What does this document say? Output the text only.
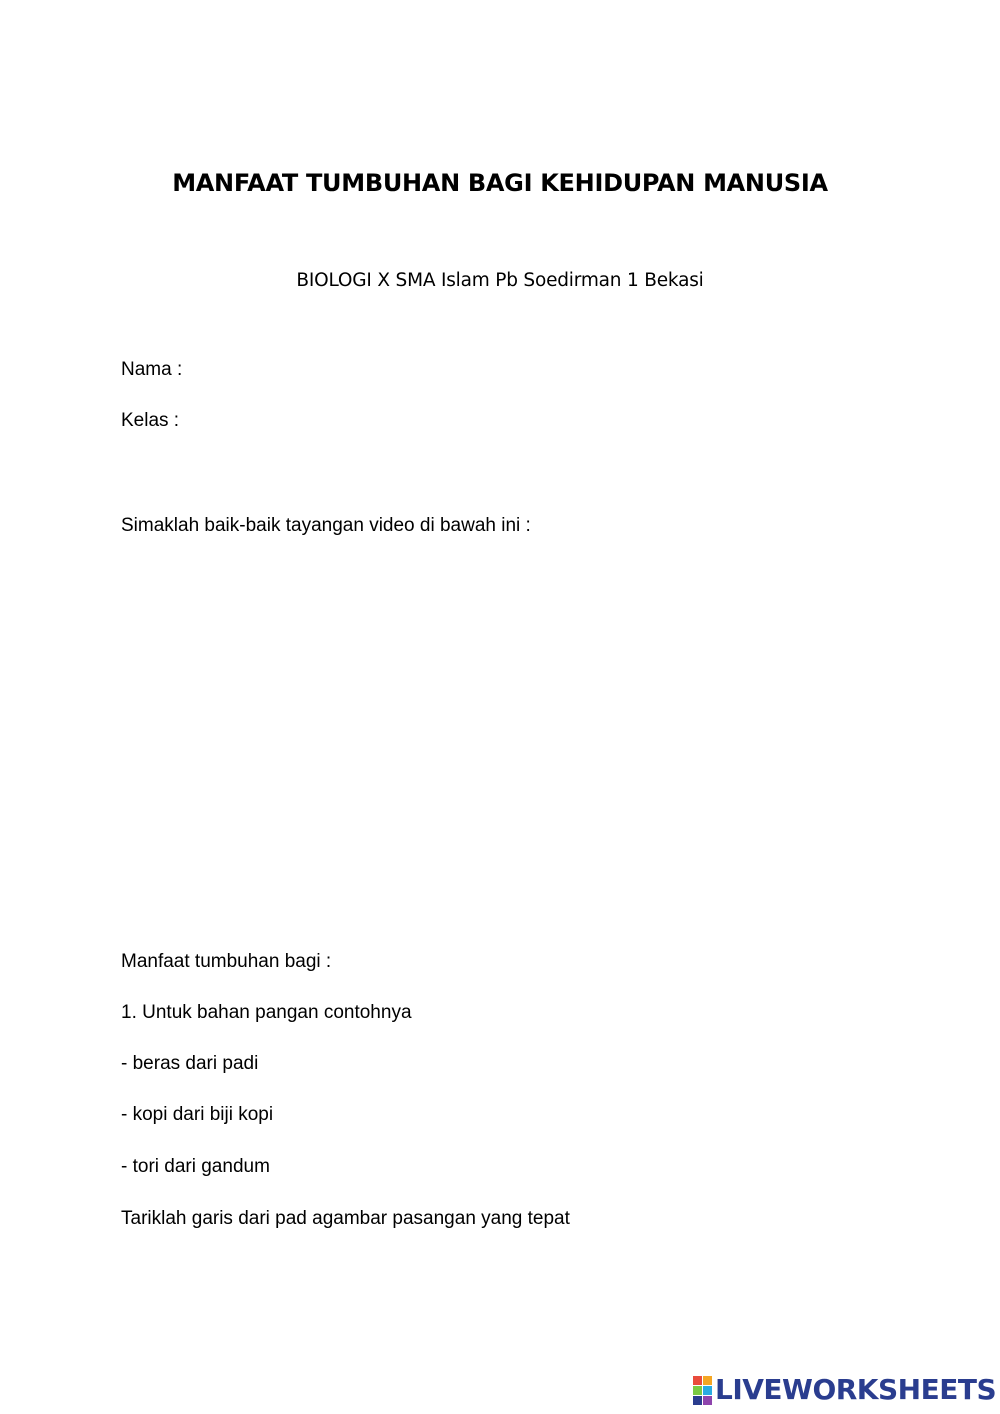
MANFAAT TUMBUHAN BAGI KEHIDUPAN MANUSIA
BIOLOGI X SMA Islam Pb Soedirman 1 Bekasi
Nama :
Kelas :
Simaklah baik-baik tayangan video di bawah ini :
Manfaat tumbuhan bagi :
1. Untuk bahan pangan contohnya
- beras dari padi
- kopi dari biji kopi
- tori dari gandum
Tariklah garis dari pad agambar pasangan yang tepat
LIVEWORKSHEETS
